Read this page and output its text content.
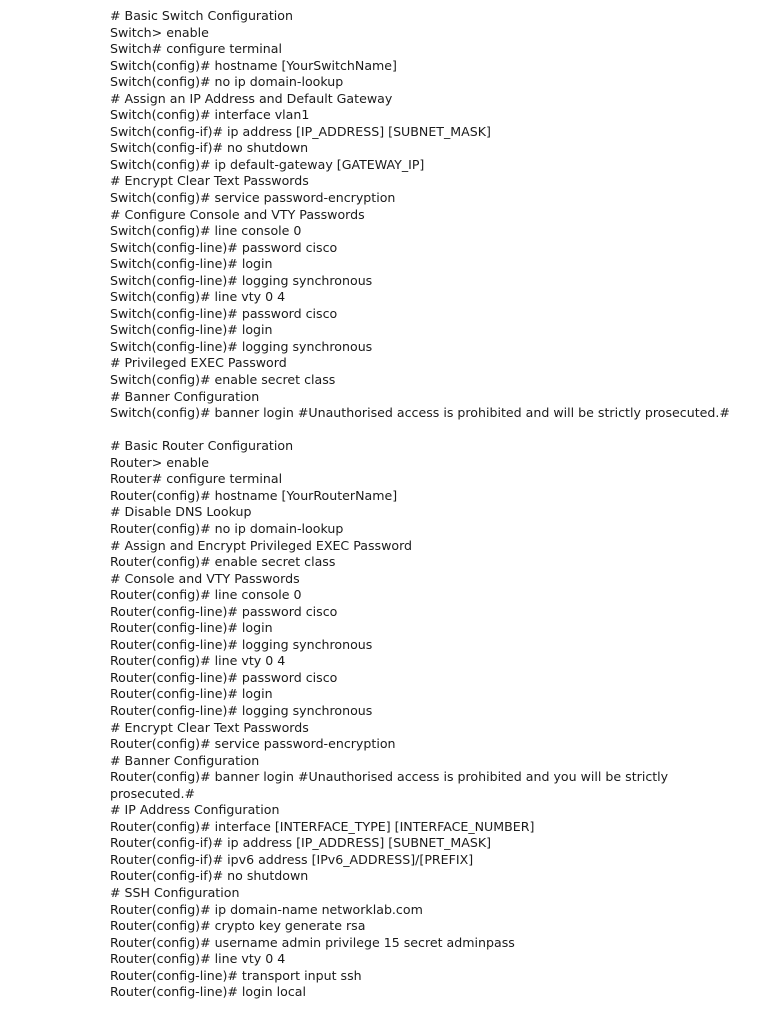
# Basic Switch Configuration
Switch> enable
Switch# configure terminal
Switch(config)# hostname [YourSwitchName]
Switch(config)# no ip domain-lookup
# Assign an IP Address and Default Gateway
Switch(config)# interface vlan1
Switch(config-if)# ip address [IP_ADDRESS] [SUBNET_MASK]
Switch(config-if)# no shutdown
Switch(config)# ip default-gateway [GATEWAY_IP]
# Encrypt Clear Text Passwords
Switch(config)# service password-encryption
# Configure Console and VTY Passwords
Switch(config)# line console 0
Switch(config-line)# password cisco
Switch(config-line)# login
Switch(config-line)# logging synchronous
Switch(config)# line vty 0 4
Switch(config-line)# password cisco
Switch(config-line)# login
Switch(config-line)# logging synchronous
# Privileged EXEC Password
Switch(config)# enable secret class
# Banner Configuration
Switch(config)# banner login #Unauthorised access is prohibited and will be strictly prosecuted.#
# Basic Router Configuration
Router> enable
Router# configure terminal
Router(config)# hostname [YourRouterName]
# Disable DNS Lookup
Router(config)# no ip domain-lookup
# Assign and Encrypt Privileged EXEC Password
Router(config)# enable secret class
# Console and VTY Passwords
Router(config)# line console 0
Router(config-line)# password cisco
Router(config-line)# login
Router(config-line)# logging synchronous
Router(config)# line vty 0 4
Router(config-line)# password cisco
Router(config-line)# login
Router(config-line)# logging synchronous
# Encrypt Clear Text Passwords
Router(config)# service password-encryption
# Banner Configuration
Router(config)# banner login #Unauthorised access is prohibited and you will be strictly
prosecuted.#
# IP Address Configuration
Router(config)# interface [INTERFACE_TYPE] [INTERFACE_NUMBER]
Router(config-if)# ip address [IP_ADDRESS] [SUBNET_MASK]
Router(config-if)# ipv6 address [IPv6_ADDRESS]/[PREFIX]
Router(config-if)# no shutdown
# SSH Configuration
Router(config)# ip domain-name networklab.com
Router(config)# crypto key generate rsa
Router(config)# username admin privilege 15 secret adminpass
Router(config)# line vty 0 4
Router(config-line)# transport input ssh
Router(config-line)# login local
